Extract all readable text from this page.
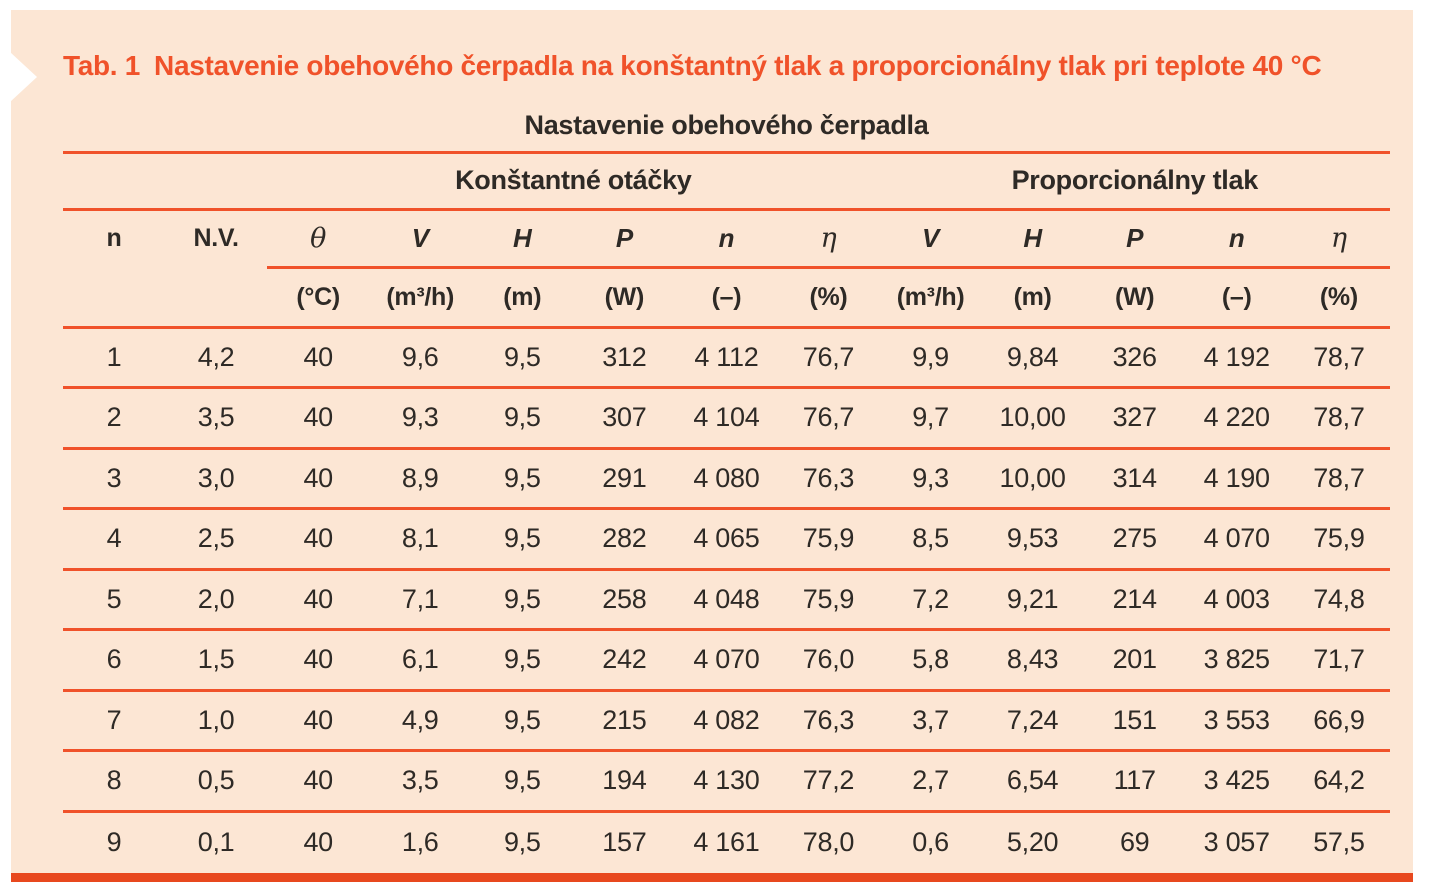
Tab. 1 Nastavenie obehového čerpadla na konštantný tlak a proporcionálny tlak pri teplote 40 °C
Nastavenie obehového čerpadla												
		Konštantné otáčky						Proporcionálny tlak				
n	N.V.	θ	V	H	P	n	η	V	H	P	n	η
		(°C)	(m³/h)	(m)	(W)	(–)	(%)	(m³/h)	(m)	(W)	(–)	(%)
1	4,2	40	9,6	9,5	312	4 112	76,7	9,9	9,84	326	4 192	78,7
2	3,5	40	9,3	9,5	307	4 104	76,7	9,7	10,00	327	4 220	78,7
3	3,0	40	8,9	9,5	291	4 080	76,3	9,3	10,00	314	4 190	78,7
4	2,5	40	8,1	9,5	282	4 065	75,9	8,5	9,53	275	4 070	75,9
5	2,0	40	7,1	9,5	258	4 048	75,9	7,2	9,21	214	4 003	74,8
6	1,5	40	6,1	9,5	242	4 070	76,0	5,8	8,43	201	3 825	71,7
7	1,0	40	4,9	9,5	215	4 082	76,3	3,7	7,24	151	3 553	66,9
8	0,5	40	3,5	9,5	194	4 130	77,2	2,7	6,54	117	3 425	64,2
9	0,1	40	1,6	9,5	157	4 161	78,0	0,6	5,20	69	3 057	57,5
